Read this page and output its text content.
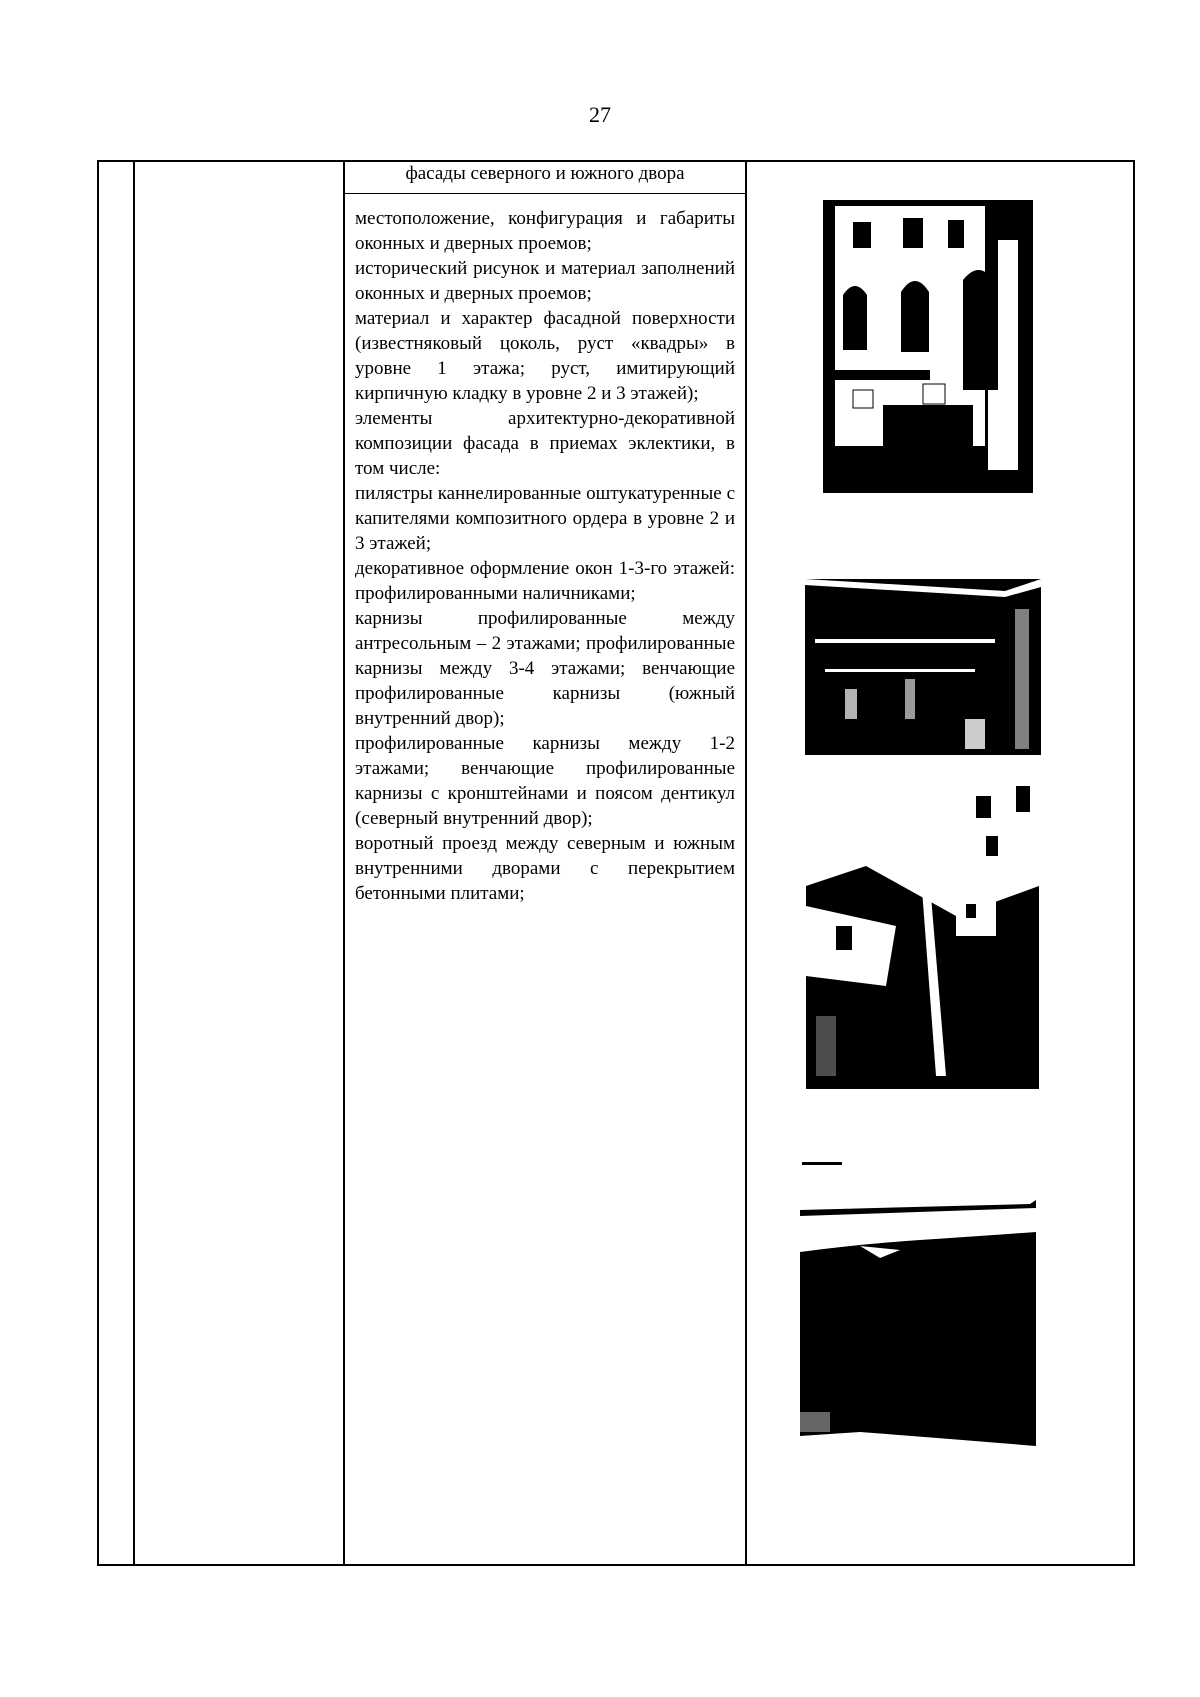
27

фасады северного и южного двора

местоположение, конфигурация и габариты оконных и дверных проемов;

исторический рисунок и материал заполнений оконных и дверных проемов;

материал и характер фасадной поверхности (известняковый цоколь, руст «квадры» в уровне 1 этажа; руст, имитирующий кирпичную кладку в уровне 2 и 3 этажей);

элементы архитектурно-декоративной композиции фасада в приемах эклектики, в том числе:

пилястры каннелированные оштукатуренные с капителями композитного ордера в уровне 2 и 3 этажей;

декоративное оформление окон 1-3-го этажей: профилированными наличниками;

карнизы профилированные между антресольным – 2 этажами; профилированные карнизы между 3-4 этажами; венчающие профилированные карнизы (южный внутренний двор);

профилированные карнизы между 1-2 этажами; венчающие профилированные карнизы с кронштейнами и поясом дентикул (северный внутренний двор);

воротный проезд между северным и южным внутренними дворами с перекрытием бетонными плитами;
